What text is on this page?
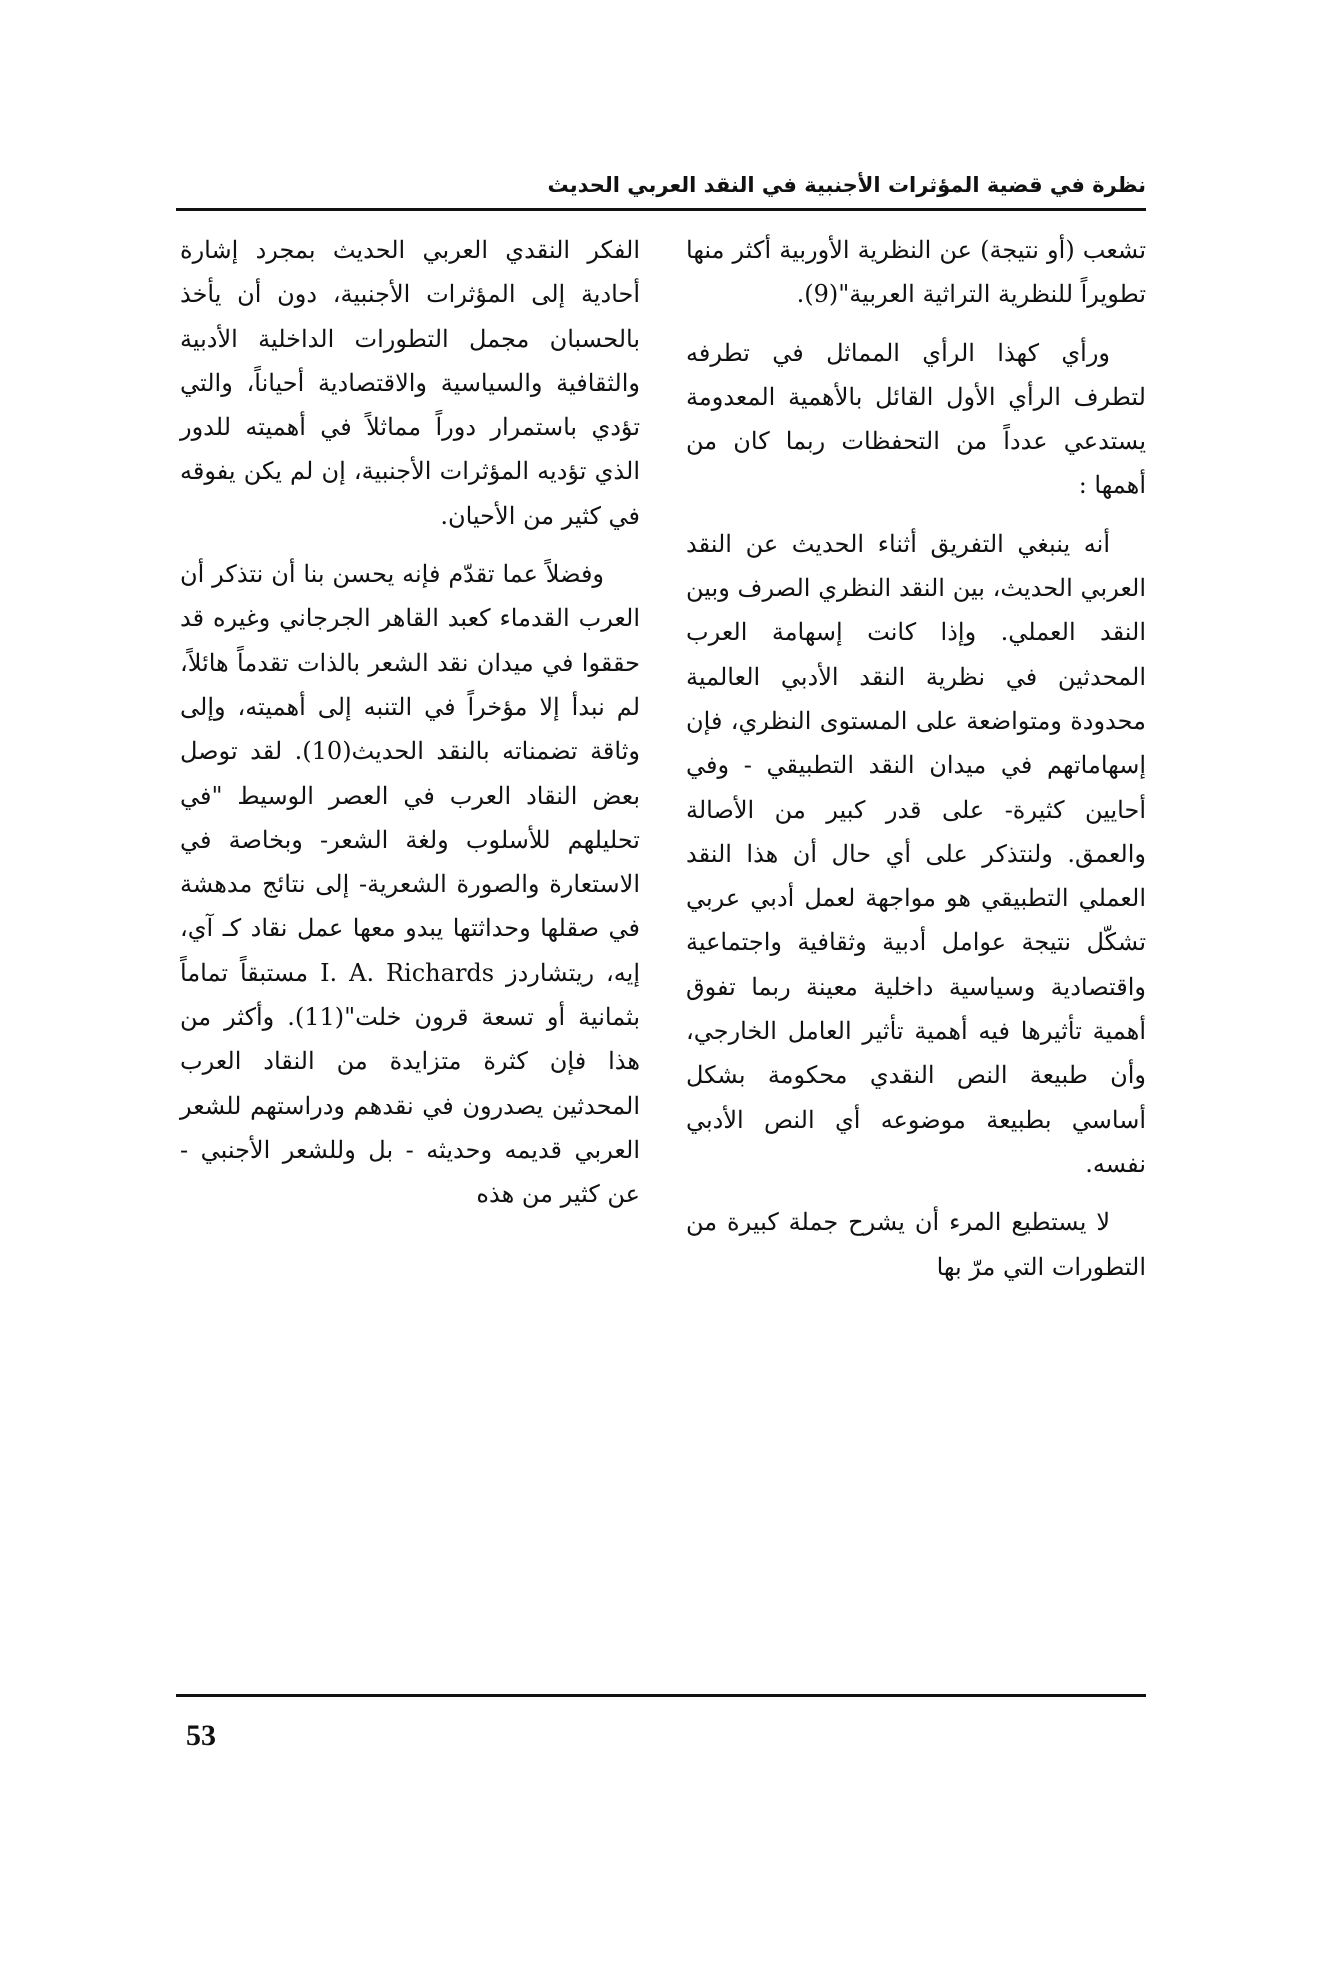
نظرة في قضية المؤثرات الأجنبية في النقد العربي الحديث

تشعب (أو نتيجة) عن النظرية الأوربية أكثر منها تطويراً للنظرية التراثية العربية"(9).

ورأي كهذا الرأي المماثل في تطرفه لتطرف الرأي الأول القائل بالأهمية المعدومة يستدعي عدداً من التحفظات ربما كان من أهمها :

أنه ينبغي التفريق أثناء الحديث عن النقد العربي الحديث، بين النقد النظري الصرف وبين النقد العملي. وإذا كانت إسهامة العرب المحدثين في نظرية النقد الأدبي العالمية محدودة ومتواضعة على المستوى النظري، فإن إسهاماتهم في ميدان النقد التطبيقي - وفي أحايين كثيرة- على قدر كبير من الأصالة والعمق. ولنتذكر على أي حال أن هذا النقد العملي التطبيقي هو مواجهة لعمل أدبي عربي تشكّل نتيجة عوامل أدبية وثقافية واجتماعية واقتصادية وسياسية داخلية معينة ربما تفوق أهمية تأثيرها فيه أهمية تأثير العامل الخارجي، وأن طبيعة النص النقدي محكومة بشكل أساسي بطبيعة موضوعه أي النص الأدبي نفسه.

لا يستطيع المرء أن يشرح جملة كبيرة من التطورات التي مرّ بها

الفكر النقدي العربي الحديث بمجرد إشارة أحادية إلى المؤثرات الأجنبية، دون أن يأخذ بالحسبان مجمل التطورات الداخلية الأدبية والثقافية والسياسية والاقتصادية أحياناً، والتي تؤدي باستمرار دوراً مماثلاً في أهميته للدور الذي تؤديه المؤثرات الأجنبية، إن لم يكن يفوقه في كثير من الأحيان.

وفضلاً عما تقدّم فإنه يحسن بنا أن نتذكر أن العرب القدماء كعبد القاهر الجرجاني وغيره قد حققوا في ميدان نقد الشعر بالذات تقدماً هائلاً، لم نبدأ إلا مؤخراً في التنبه إلى أهميته، وإلى وثاقة تضمناته بالنقد الحديث(10). لقد توصل بعض النقاد العرب في العصر الوسيط "في تحليلهم للأسلوب ولغة الشعر- وبخاصة في الاستعارة والصورة الشعرية- إلى نتائج مدهشة في صقلها وحداثتها يبدو معها عمل نقاد كـ آي، إيه، ريتشاردز I. A. Richards مستبقاً تماماً بثمانية أو تسعة قرون خلت"(11). وأكثر من هذا فإن كثرة متزايدة من النقاد العرب المحدثين يصدرون في نقدهم ودراستهم للشعر العربي قديمه وحديثه - بل وللشعر الأجنبي - عن كثير من هذه

53
